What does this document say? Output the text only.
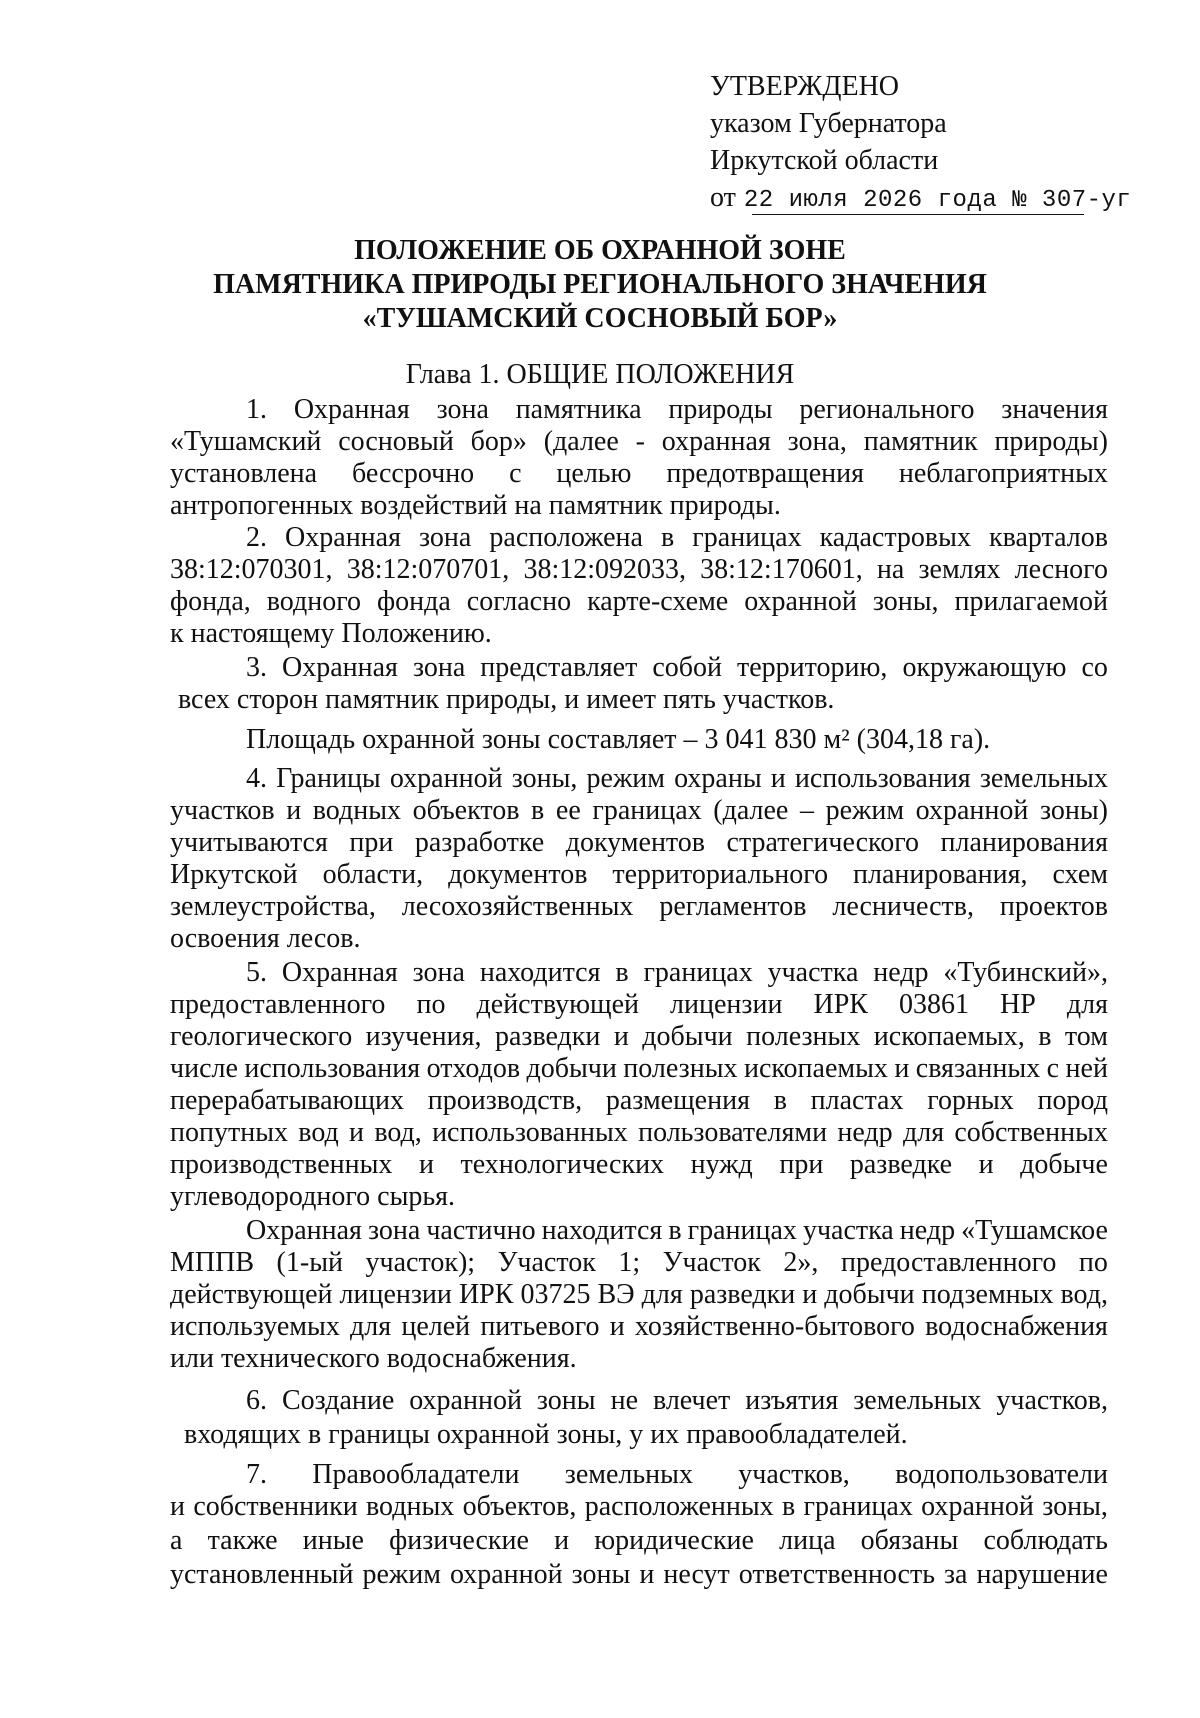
УТВЕРЖДЕНО
указом Губернатора
Иркутской области
от 22 июля 2026 года № 307-уг
ПОЛОЖЕНИЕ ОБ ОХРАННОЙ ЗОНЕ
ПАМЯТНИКА ПРИРОДЫ РЕГИОНАЛЬНОГО ЗНАЧЕНИЯ
«ТУШАМСКИЙ СОСНОВЫЙ БОР»
Глава 1. ОБЩИЕ ПОЛОЖЕНИЯ
1. Охранная зона памятника природы регионального значения
«Тушамский сосновый бор» (далее - охранная зона, памятник природы)
установлена бессрочно с целью предотвращения неблагоприятных
антропогенных воздействий на памятник природы.
2. Охранная зона расположена в границах кадастровых кварталов
38:12:070301, 38:12:070701, 38:12:092033, 38:12:170601, на землях лесного
фонда, водного фонда согласно карте-схеме охранной зоны, прилагаемой
к настоящему Положению.
3. Охранная зона представляет собой территорию, окружающую со
всех сторон памятник природы, и имеет пять участков.
Площадь охранной зоны составляет – 3 041 830 м² (304,18 га).
4. Границы охранной зоны, режим охраны и использования земельных
участков и водных объектов в ее границах (далее – режим охранной зоны)
учитываются при разработке документов стратегического планирования
Иркутской области, документов территориального планирования, схем
землеустройства, лесохозяйственных регламентов лесничеств, проектов
освоения лесов.
5. Охранная зона находится в границах участка недр «Тубинский»,
предоставленного по действующей лицензии ИРК 03861 НР для
геологического изучения, разведки и добычи полезных ископаемых, в том
числе использования отходов добычи полезных ископаемых и связанных с ней
перерабатывающих производств, размещения в пластах горных пород
попутных вод и вод, использованных пользователями недр для собственных
производственных и технологических нужд при разведке и добыче
углеводородного сырья.
Охранная зона частично находится в границах участка недр «Тушамское
МППВ (1-ый участок); Участок 1; Участок 2», предоставленного по
действующей лицензии ИРК 03725 ВЭ для разведки и добычи подземных вод,
используемых для целей питьевого и хозяйственно-бытового водоснабжения
или технического водоснабжения.
6. Создание охранной зоны не влечет изъятия земельных участков,
входящих в границы охранной зоны, у их правообладателей.
7. Правообладатели земельных участков, водопользователи
и собственники водных объектов, расположенных в границах охранной зоны,
а также иные физические и юридические лица обязаны соблюдать
установленный режим охранной зоны и несут ответственность за нарушение
